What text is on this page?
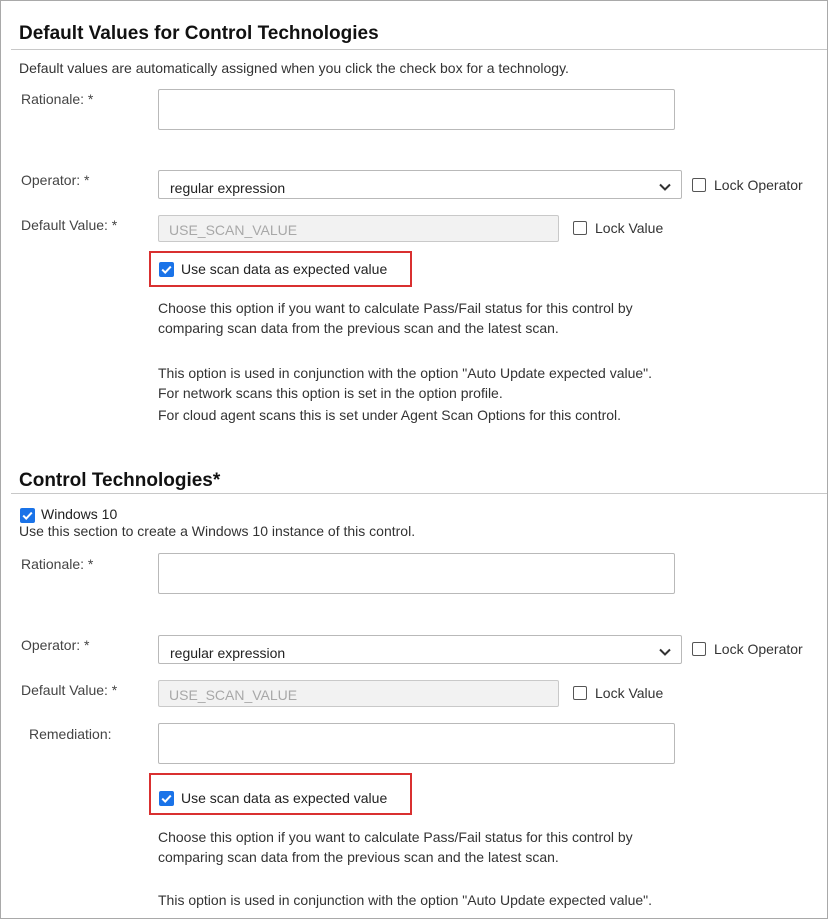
Default Values for Control Technologies
Default values are automatically assigned when you click the check box for a technology.
Rationale: *
Operator: *	regular expression	Lock Operator
Default Value: *	USE_SCAN_VALUE	Lock Value
Use scan data as expected value
Choose this option if you want to calculate Pass/Fail status for this control by
comparing scan data from the previous scan and the latest scan.
This option is used in conjunction with the option "Auto Update expected value".
For network scans this option is set in the option profile.
For cloud agent scans this is set under Agent Scan Options for this control.
Control Technologies*
Windows 10
Use this section to create a Windows 10 instance of this control.
Rationale: *
Operator: *	regular expression	Lock Operator
Default Value: *	USE_SCAN_VALUE	Lock Value
Remediation:
Use scan data as expected value
Choose this option if you want to calculate Pass/Fail status for this control by
comparing scan data from the previous scan and the latest scan.
This option is used in conjunction with the option "Auto Update expected value".
